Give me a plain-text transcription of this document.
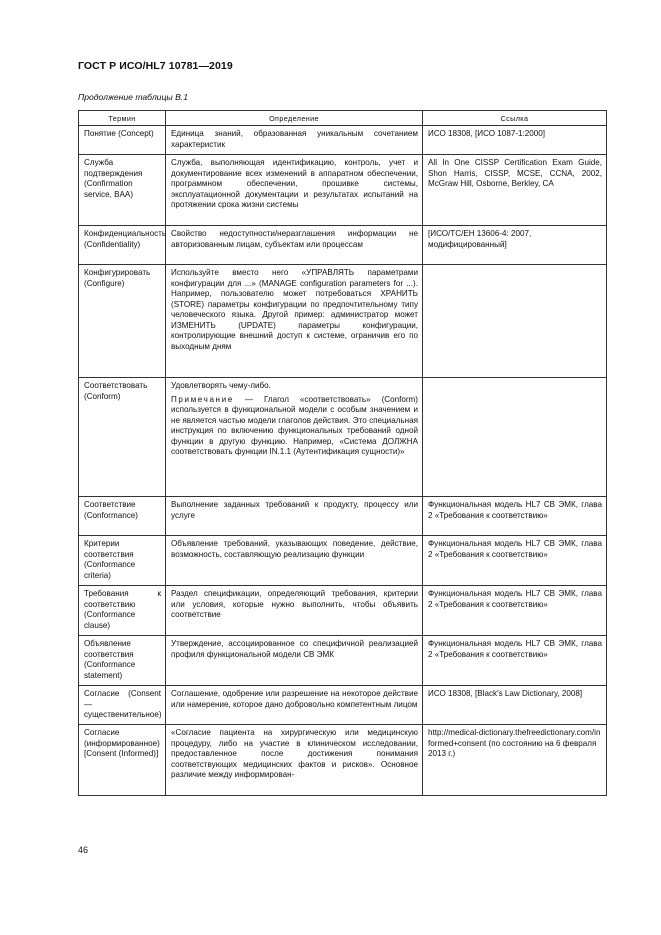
ГОСТ Р ИСО/HL7 10781—2019
Продолжение таблицы В.1
Термин	Определение	Ссылка
Понятие (Concept)	Единица знаний, образованная уникальным сочетанием характеристик	ИСО 18308, [ИСО 1087-1:2000]
Служба подтверждения (Confirmation service, BAA)	Служба, выполняющая идентификацию, контроль, учет и документирование всех изменений в аппаратном обеспечении, программном обеспечении, прошивке системы, эксплуатационной документации и результатах испытаний на протяжении срока жизни системы	All In One CISSP Certification Exam Guide, Shon Harris, CISSP, MCSE, CCNA, 2002, McGraw Hill, Osborne, Berkley, CA
Конфиденциальность (Confidentiality)	Свойство недоступности/неразглашения информации не авторизованным лицам, субъектам или процессам	[ИСО/ТС/ЕН 13606-4: 2007, модифицированный]
Конфигурировать (Configure)	Используйте вместо него «УПРАВЛЯТЬ параметрами конфигурации для ...» (MANAGE configuration parameters for ...). Например, пользователю может потребоваться ХРАНИТЬ (STORE) параметры конфигурации по предпочтительному типу человеческого языка. Другой пример: администратор может ИЗМЕНИТЬ (UPDATE) параметры конфигурации, контролирующие внешний доступ к системе, ограничив его по выходным дням	
Соответствовать (Conform)	Удовлетворять чему-либо.

Примечание — Глагол «соответствовать» (Conform) используется в функциональной модели с особым значением и не является частью модели глаголов действия. Это специальная инструкция по включению функциональных требований одной функции в другую функцию. Например, «Система ДОЛЖНА соответствовать функции IN.1.1 (Аутентификация сущности)»	

Соответствие (Conformance)	Выполнение заданных требований к продукту, процессу или услуге	Функциональная модель HL7 СВ ЭМК, глава 2 «Требования к соответствию»
Критерии соответствия (Conformance criteria)	Объявление требований, указывающих поведение, действие, возможность, составляющую реализацию функции	Функциональная модель HL7 СВ ЭМК, глава 2 «Требования к соответствию»
Требования к соответствию (Conformance clause)	Раздел спецификации, определяющий требования, критерии или условия, которые нужно выполнить, чтобы объявить соответствие	Функциональная модель HL7 СВ ЭМК, глава 2 «Требования к соответствию»
Объявление соответствия (Conformance statement)	Утверждение, ассоциированное со специфичной реализацией профиля функциональной модели СВ ЭМК	Функциональная модель HL7 СВ ЭМК, глава 2 «Требования к соответствию»
Согласие (Consent — существенительное)	Соглашение, одобрение или разрешение на некоторое действие или намерение, которое дано добровольно компетентным лицом	ИСО 18308, [Black's Law Dictionary, 2008]
Согласие (информированное) [Consent (Informed)]	«Согласие пациента на хирургическую или медицинскую процедуру, либо на участие в клиническом исследовании, предоставленное после достижения понимания соответствующих медицинских фактов и рисков». Основное различие между информирован-	http://medical-dictionary.thefreedictionary.com/informed+consent (по состоянию на 6 февраля 2013 г.)
46
